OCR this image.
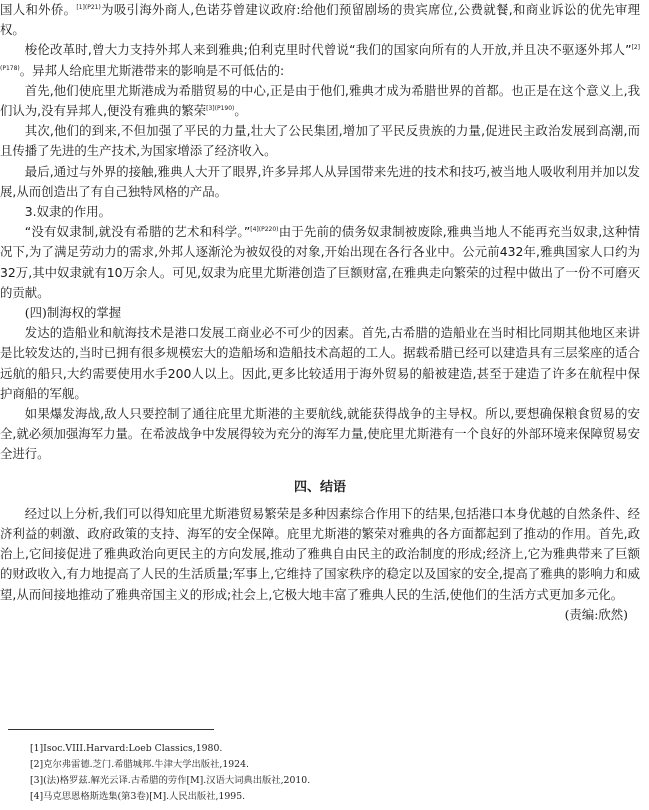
国人和外侨。$^{[1](P21)}$为吸引海外商人,色诺芬曾建议政府:给他们预留剧场的贵宾席位,公费就餐,和商业诉讼的优先审理权。

梭伦改革时,曾大力支持外邦人来到雅典;伯利克里时代曾说“我们的国家向所有的人开放,并且决不驱逐外邦人”$^{[2](P178)}$。异邦人给庇里尤斯港带来的影响是不可低估的:

首先,他们使庇里尤斯港成为希腊贸易的中心,正是由于他们,雅典才成为希腊世界的首都。也正是在这个意义上,我们认为,没有异邦人,便没有雅典的繁荣$^{[3](P190)}$。

其次,他们的到来,不但加强了平民的力量,壮大了公民集团,增加了平民反贵族的力量,促进民主政治发展到高潮,而且传播了先进的生产技术,为国家增添了经济收入。

最后,通过与外界的接触,雅典人大开了眼界,许多异邦人从异国带来先进的技术和技巧,被当地人吸收利用并加以发展,从而创造出了有自己独特风格的产品。

3.奴隶的作用。

“没有奴隶制,就没有希腊的艺术和科学。”$^{[4](P220)}$由于先前的债务奴隶制被废除,雅典当地人不能再充当奴隶,这种情况下,为了满足劳动力的需求,外邦人逐渐沦为被奴役的对象,开始出现在各行各业中。公元前432年,雅典国家人口约为32万,其中奴隶就有10万余人。可见,奴隶为庇里尤斯港创造了巨额财富,在雅典走向繁荣的过程中做出了一份不可磨灭的贡献。

(四)制海权的掌握

发达的造船业和航海技术是港口发展工商业必不可少的因素。首先,古希腊的造船业在当时相比同期其他地区来讲是比较发达的,当时已拥有很多规模宏大的造船场和造船技术高超的工人。据载希腊已经可以建造具有三层桨座的适合远航的船只,大约需要使用水手200人以上。因此,更多比较适用于海外贸易的船被建造,甚至于建造了许多在航程中保护商船的军舰。

如果爆发海战,敌人只要控制了通往庇里尤斯港的主要航线,就能获得战争的主导权。所以,要想确保粮食贸易的安全,就必须加强海军力量。在希波战争中发展得较为充分的海军力量,使庇里尤斯港有一个良好的外部环境来保障贸易安全进行。

四、结语

经过以上分析,我们可以得知庇里尤斯港贸易繁荣是多种因素综合作用下的结果,包括港口本身优越的自然条件、经济利益的刺激、政府政策的支持、海军的安全保障。庇里尤斯港的繁荣对雅典的各方面都起到了推动的作用。首先,政治上,它间接促进了雅典政治向更民主的方向发展,推动了雅典自由民主的政治制度的形成;经济上,它为雅典带来了巨额的财政收入,有力地提高了人民的生活质量;军事上,它维持了国家秩序的稳定以及国家的安全,提高了雅典的影响力和威望,从而间接地推动了雅典帝国主义的形成;社会上,它极大地丰富了雅典人民的生活,使他们的生活方式更加多元化。

(责编:欣然)

[1]Isoc.VIII.Harvard:Loeb Classics,1980.
[2]克尔弗雷德.芝门.希腊城邦.牛津大学出版社,1924.
[3](法)格罗兹.解光云译.古希腊的劳作[M].汉语大词典出版社,2010.
[4]马克思恩格斯选集(第3卷)[M].人民出版社,1995.
